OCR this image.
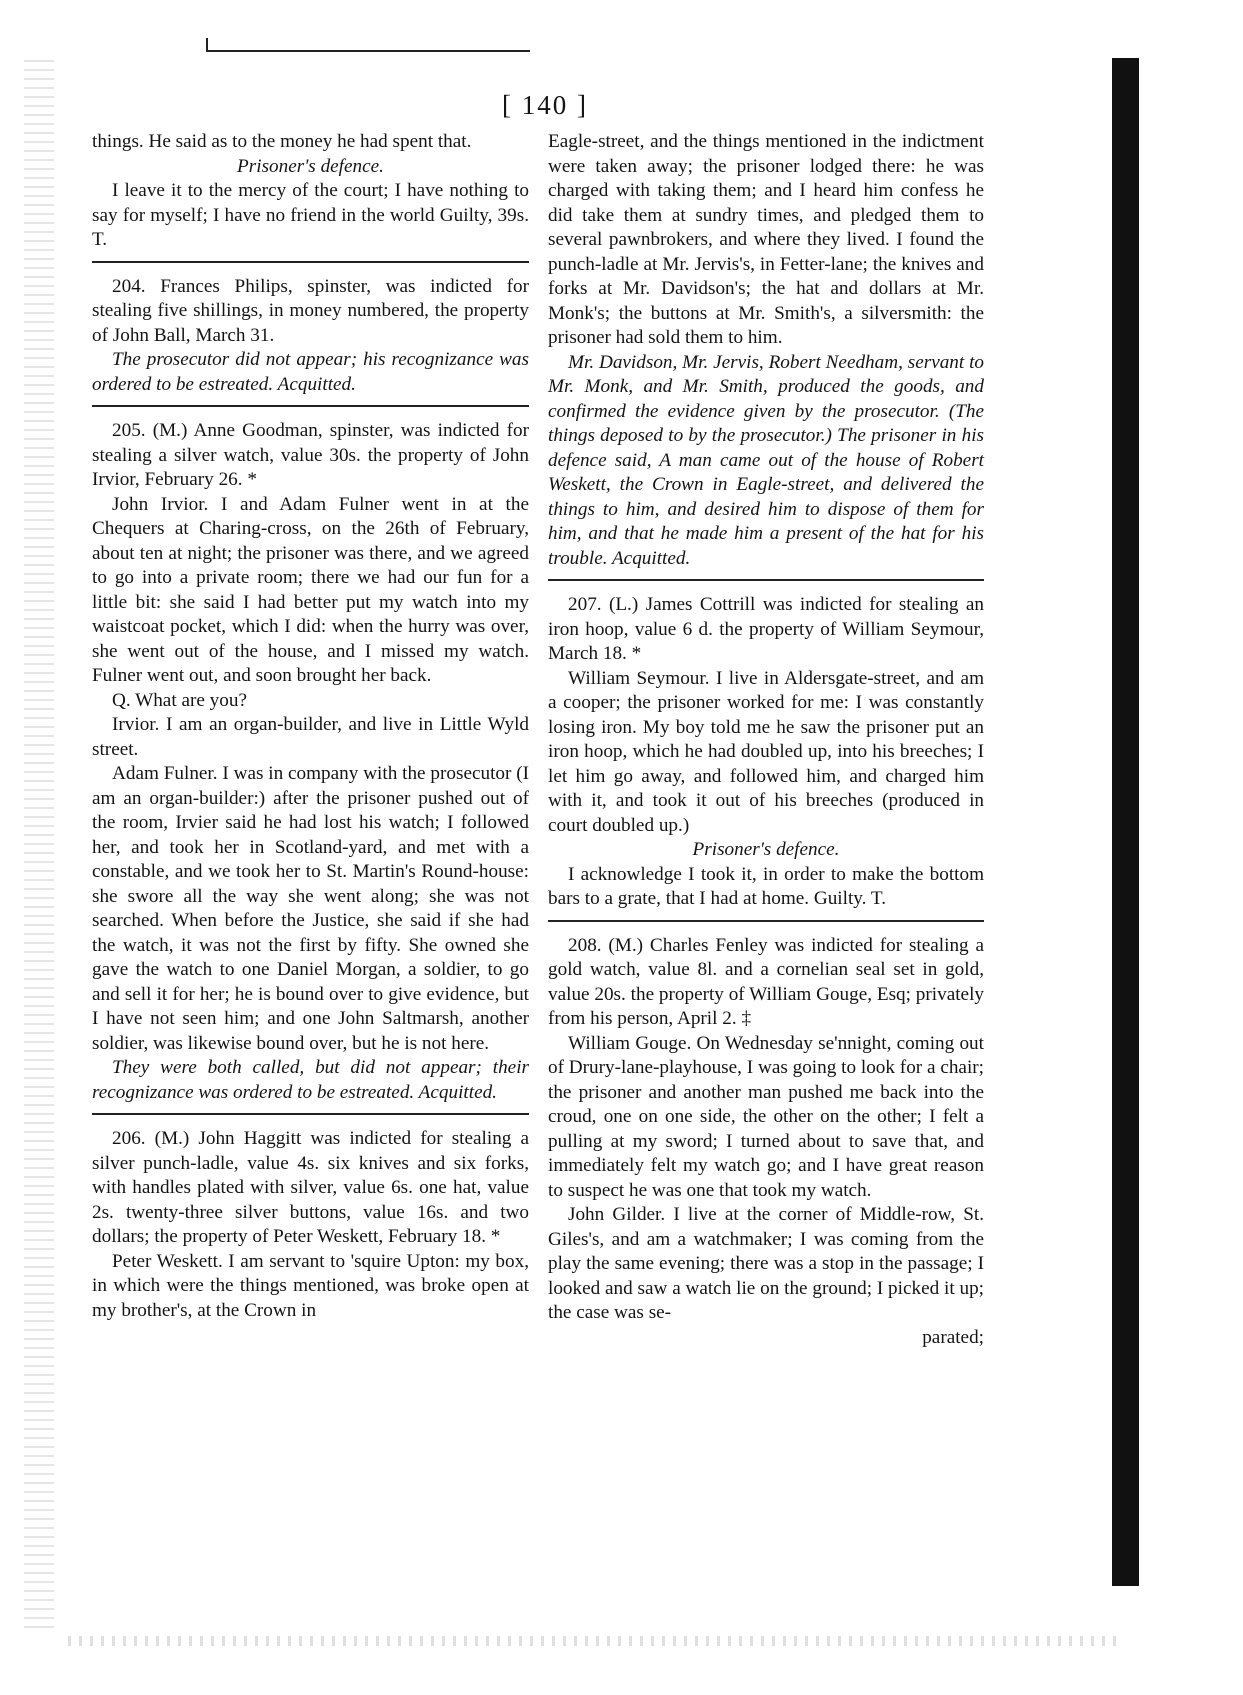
[ 140 ]

things. He said as to the money he had spent that.

Prisoner's defence.

I leave it to the mercy of the court; I have nothing to say for myself; I have no friend in the world Guilty, 39s. T.

204. Frances Philips, spinster, was indicted for stealing five shillings, in money numbered, the property of John Ball, March 31.

The prosecutor did not appear; his recognizance was ordered to be estreated. Acquitted.

205. (M.) Anne Goodman, spinster, was indicted for stealing a silver watch, value 30s. the property of John Irvior, February 26. *

John Irvior. I and Adam Fulner went in at the Chequers at Charing-cross, on the 26th of February, about ten at night; the prisoner was there, and we agreed to go into a private room; there we had our fun for a little bit: she said I had better put my watch into my waistcoat pocket, which I did: when the hurry was over, she went out of the house, and I missed my watch. Fulner went out, and soon brought her back.

Q. What are you?

Irvior. I am an organ-builder, and live in Little Wyld street.

Adam Fulner. I was in company with the prosecutor (I am an organ-builder:) after the prisoner pushed out of the room, Irvier said he had lost his watch; I followed her, and took her in Scotland-yard, and met with a constable, and we took her to St. Martin's Round-house: she swore all the way she went along; she was not searched. When before the Justice, she said if she had the watch, it was not the first by fifty. She owned she gave the watch to one Daniel Morgan, a soldier, to go and sell it for her; he is bound over to give evidence, but I have not seen him; and one John Saltmarsh, another soldier, was likewise bound over, but he is not here.

They were both called, but did not appear; their recognizance was ordered to be estreated. Acquitted.

206. (M.) John Haggitt was indicted for stealing a silver punch-ladle, value 4s. six knives and six forks, with handles plated with silver, value 6s. one hat, value 2s. twenty-three silver buttons, value 16s. and two dollars; the property of Peter Weskett, February 18. *

Peter Weskett. I am servant to 'squire Upton: my box, in which were the things mentioned, was broke open at my brother's, at the Crown in

Eagle-street, and the things mentioned in the indictment were taken away; the prisoner lodged there: he was charged with taking them; and I heard him confess he did take them at sundry times, and pledged them to several pawnbrokers, and where they lived. I found the punch-ladle at Mr. Jervis's, in Fetter-lane; the knives and forks at Mr. Davidson's; the hat and dollars at Mr. Monk's; the buttons at Mr. Smith's, a silversmith: the prisoner had sold them to him.

Mr. Davidson, Mr. Jervis, Robert Needham, servant to Mr. Monk, and Mr. Smith, produced the goods, and confirmed the evidence given by the prosecutor. (The things deposed to by the prosecutor.) The prisoner in his defence said, A man came out of the house of Robert Weskett, the Crown in Eagle-street, and delivered the things to him, and desired him to dispose of them for him, and that he made him a present of the hat for his trouble. Acquitted.

207. (L.) James Cottrill was indicted for stealing an iron hoop, value 6 d. the property of William Seymour, March 18. *

William Seymour. I live in Aldersgate-street, and am a cooper; the prisoner worked for me: I was constantly losing iron. My boy told me he saw the prisoner put an iron hoop, which he had doubled up, into his breeches; I let him go away, and followed him, and charged him with it, and took it out of his breeches (produced in court doubled up.)

Prisoner's defence.

I acknowledge I took it, in order to make the bottom bars to a grate, that I had at home. Guilty. T.

208. (M.) Charles Fenley was indicted for stealing a gold watch, value 8l. and a cornelian seal set in gold, value 20s. the property of William Gouge, Esq; privately from his person, April 2. ‡

William Gouge. On Wednesday se'nnight, coming out of Drury-lane-playhouse, I was going to look for a chair; the prisoner and another man pushed me back into the croud, one on one side, the other on the other; I felt a pulling at my sword; I turned about to save that, and immediately felt my watch go; and I have great reason to suspect he was one that took my watch.

John Gilder. I live at the corner of Middle-row, St. Giles's, and am a watchmaker; I was coming from the play the same evening; there was a stop in the passage; I looked and saw a watch lie on the ground; I picked it up; the case was se-

parated;
